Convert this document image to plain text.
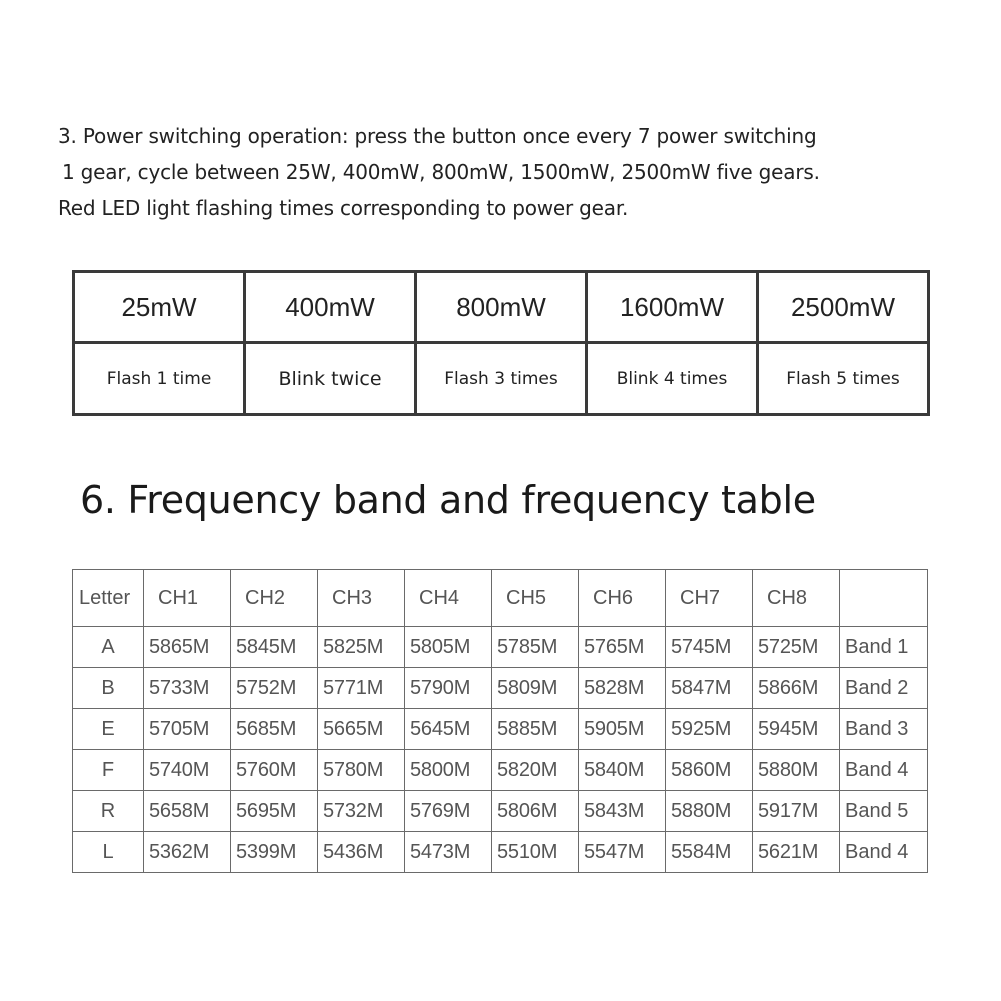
3. Power switching operation: press the button once every 7 power switching
1 gear, cycle between 25W, 400mW, 800mW, 1500mW, 2500mW five gears.
Red LED light flashing times corresponding to power gear.
25mW	400mW	800mW	1600mW	2500mW
Flash 1 time	Blink twice	Flash 3 times	Blink 4 times	Flash 5 times
6. Frequency band and frequency table
Letter	CH1	CH2	CH3	CH4	CH5	CH6	CH7	CH8	
A	5865M	5845M	5825M	5805M	5785M	5765M	5745M	5725M	Band 1
B	5733M	5752M	5771M	5790M	5809M	5828M	5847M	5866M	Band 2
E	5705M	5685M	5665M	5645M	5885M	5905M	5925M	5945M	Band 3
F	5740M	5760M	5780M	5800M	5820M	5840M	5860M	5880M	Band 4
R	5658M	5695M	5732M	5769M	5806M	5843M	5880M	5917M	Band 5
L	5362M	5399M	5436M	5473M	5510M	5547M	5584M	5621M	Band 4
